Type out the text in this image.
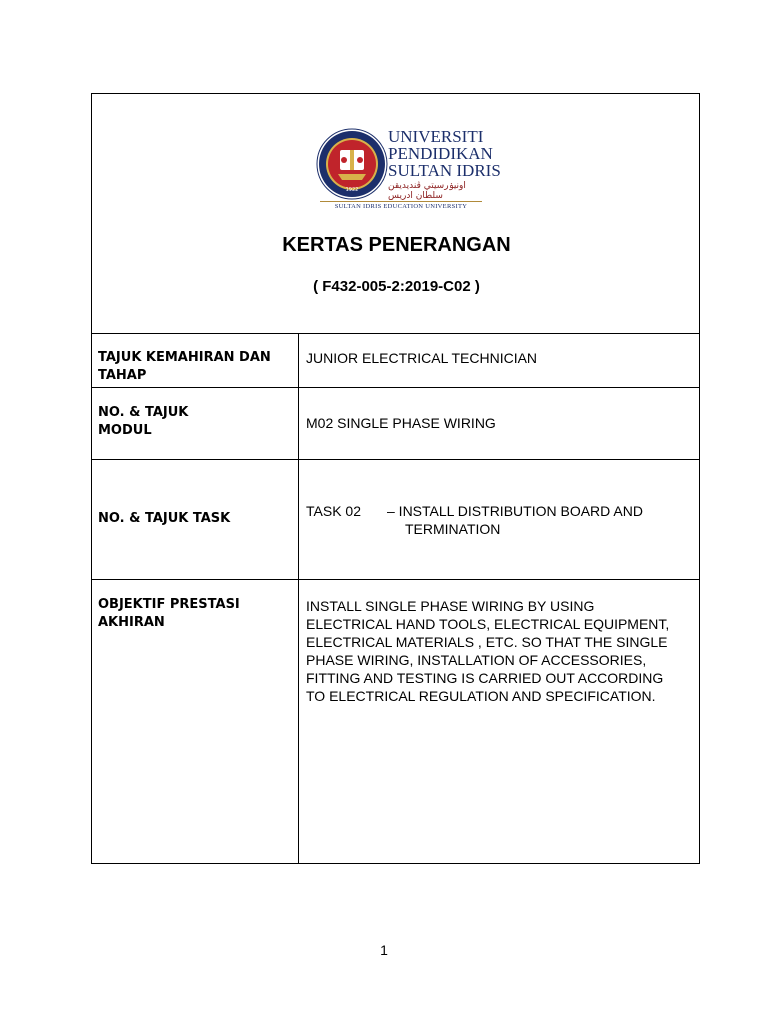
1922
UNIVERSITI
PENDIDIKAN
SULTAN IDRIS
اونيۏرسيتي ڤنديديقن سلطان ادريس
SULTAN IDRIS EDUCATION UNIVERSITY
KERTAS PENERANGAN
( F432-005-2:2019-C02 )
TAJUK KEMAHIRAN DAN TAHAP
JUNIOR ELECTRICAL TECHNICIAN
NO. & TAJUK MODUL	M02 SINGLE PHASE WIRING
NO. & TAJUK TASK	TASK 02 – INSTALL DISTRIBUTION BOARD AND
TERMINATION
OBJEKTIF PRESTASI AKHIRAN
INSTALL SINGLE PHASE WIRING BY USING ELECTRICAL HAND TOOLS, ELECTRICAL EQUIPMENT, ELECTRICAL MATERIALS , ETC. SO THAT THE SINGLE PHASE WIRING, INSTALLATION OF ACCESSORIES, FITTING AND TESTING IS CARRIED OUT ACCORDING TO ELECTRICAL REGULATION AND SPECIFICATION.
1
